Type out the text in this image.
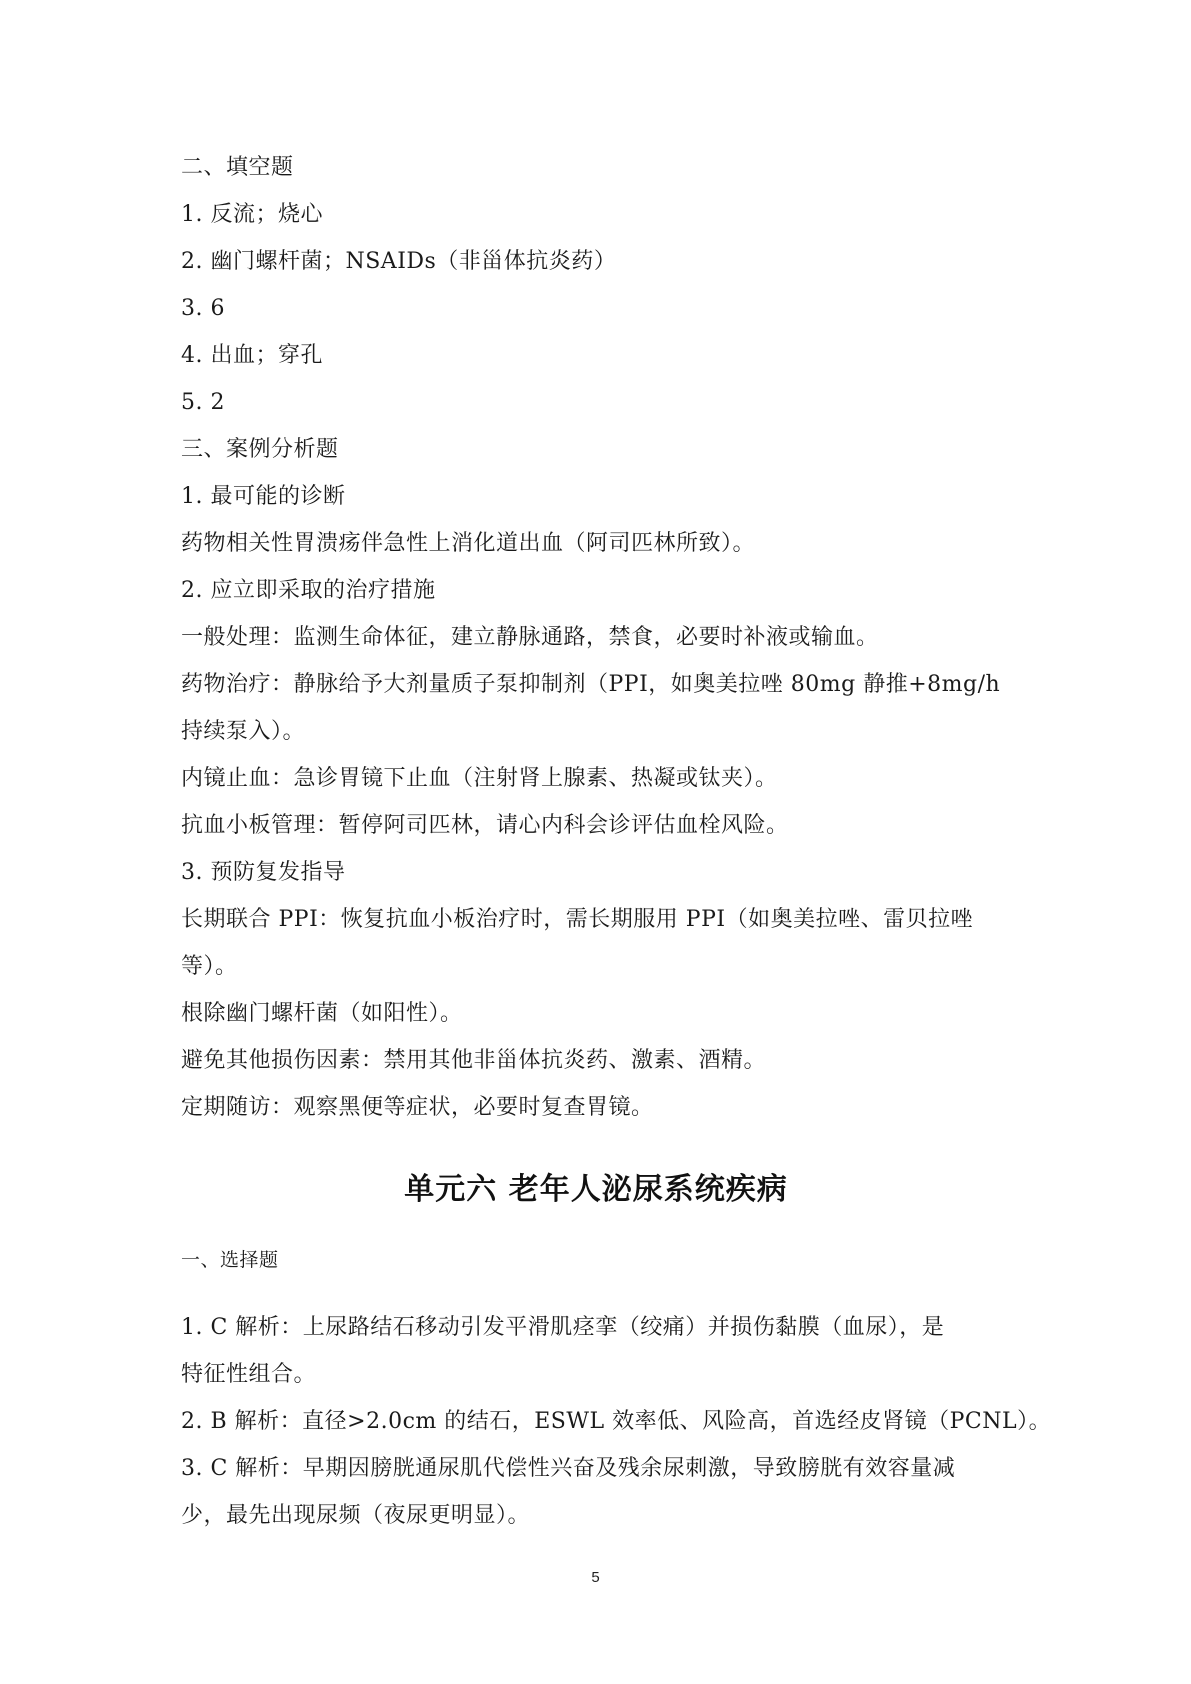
二、填空题
1. 反流；烧心
2. 幽门螺杆菌；NSAIDs（非甾体抗炎药）
3. 6
4. 出血；穿孔
5. 2
三、案例分析题
1. 最可能的诊断
药物相关性胃溃疡伴急性上消化道出血（阿司匹林所致）。
2. 应立即采取的治疗措施
一般处理：监测生命体征，建立静脉通路，禁食，必要时补液或输血。
药物治疗：静脉给予大剂量质子泵抑制剂（PPI，如奥美拉唑 80mg 静推+8mg/h
持续泵入）。
内镜止血：急诊胃镜下止血（注射肾上腺素、热凝或钛夹）。
抗血小板管理：暂停阿司匹林，请心内科会诊评估血栓风险。
3. 预防复发指导
长期联合 PPI：恢复抗血小板治疗时，需长期服用 PPI（如奥美拉唑、雷贝拉唑
等）。
根除幽门螺杆菌（如阳性）。
避免其他损伤因素：禁用其他非甾体抗炎药、激素、酒精。
定期随访：观察黑便等症状，必要时复查胃镜。
单元六 老年人泌尿系统疾病
一、选择题
1. C 解析：上尿路结石移动引发平滑肌痉挛（绞痛）并损伤黏膜（血尿），是
特征性组合。
2. B 解析：直径>2.0cm 的结石，ESWL 效率低、风险高，首选经皮肾镜（PCNL）。
3. C 解析：早期因膀胱通尿肌代偿性兴奋及残余尿刺激，导致膀胱有效容量减
少，最先出现尿频（夜尿更明显）。
5
